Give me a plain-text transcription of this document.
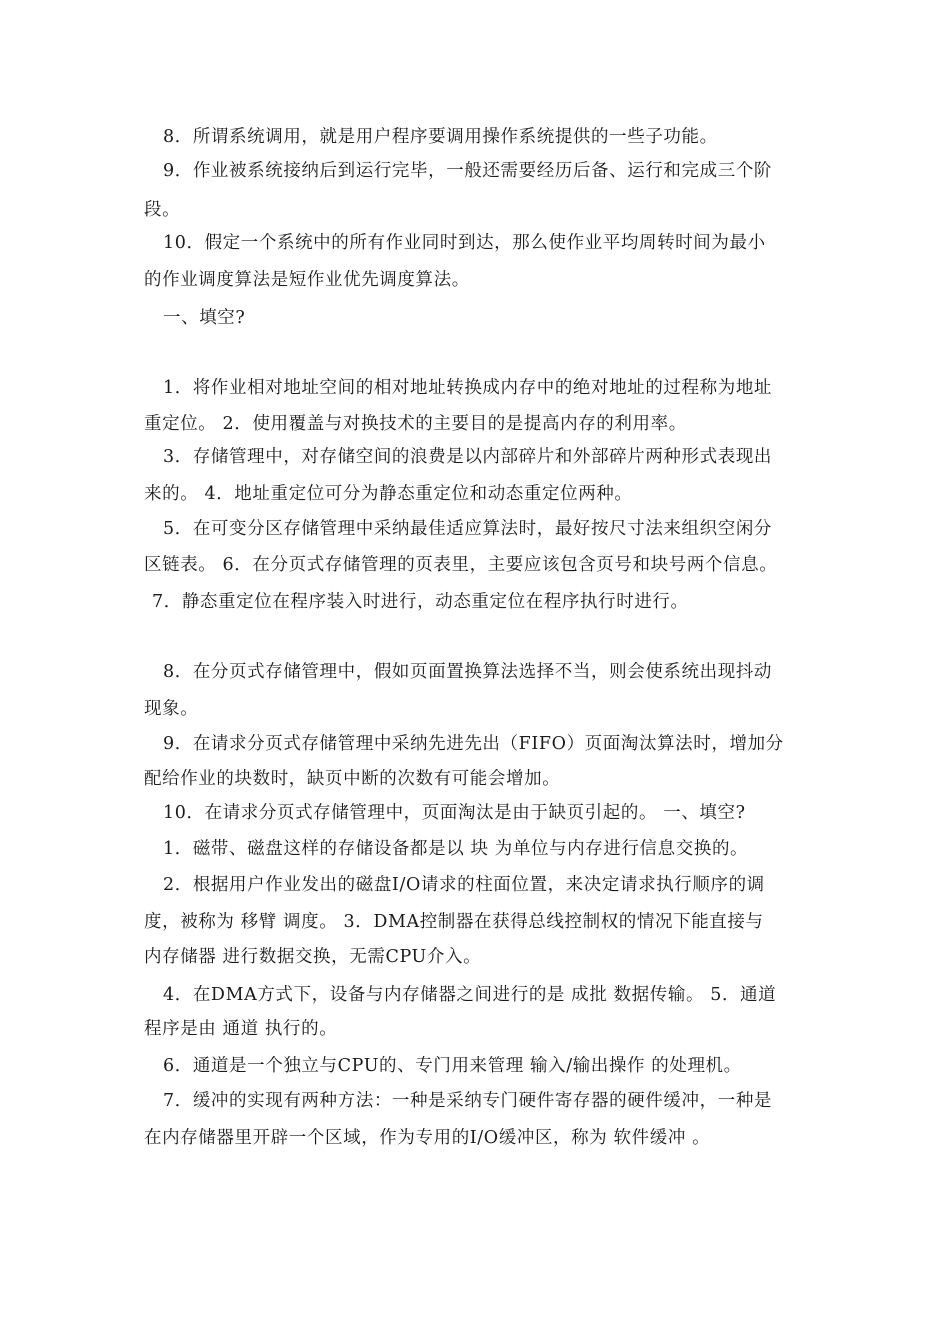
8．所谓系统调用，就是用户程序要调用操作系统提供的一些子功能。
9．作业被系统接纳后到运行完毕，一般还需要经历后备、运行和完成三个阶
段。
10．假定一个系统中的所有作业同时到达，那么使作业平均周转时间为最小
的作业调度算法是短作业优先调度算法。
一、填空?
1．将作业相对地址空间的相对地址转换成内存中的绝对地址的过程称为地址
重定位。 2．使用覆盖与对换技术的主要目的是提高内存的利用率。
3．存储管理中，对存储空间的浪费是以内部碎片和外部碎片两种形式表现出
来的。 4．地址重定位可分为静态重定位和动态重定位两种。
5．在可变分区存储管理中采纳最佳适应算法时，最好按尺寸法来组织空闲分
区链表。 6．在分页式存储管理的页表里，主要应该包含页号和块号两个信息。
7．静态重定位在程序装入时进行，动态重定位在程序执行时进行。
8．在分页式存储管理中，假如页面置换算法选择不当，则会使系统出现抖动
现象。
9．在请求分页式存储管理中采纳先进先出（FIFO）页面淘汰算法时，增加分
配给作业的块数时，缺页中断的次数有可能会增加。
10．在请求分页式存储管理中，页面淘汰是由于缺页引起的。 一、填空?
1．磁带、磁盘这样的存储设备都是以 块 为单位与内存进行信息交换的。
2．根据用户作业发出的磁盘I/O请求的柱面位置，来决定请求执行顺序的调
度，被称为 移臂 调度。 3．DMA控制器在获得总线控制权的情况下能直接与
内存储器 进行数据交换，无需CPU介入。
4．在DMA方式下，设备与内存储器之间进行的是 成批 数据传输。 5．通道
程序是由 通道 执行的。
6．通道是一个独立与CPU的、专门用来管理 输入/输出操作 的处理机。
7．缓冲的实现有两种方法：一种是采纳专门硬件寄存器的硬件缓冲，一种是
在内存储器里开辟一个区域，作为专用的I/O缓冲区，称为 软件缓冲 。
